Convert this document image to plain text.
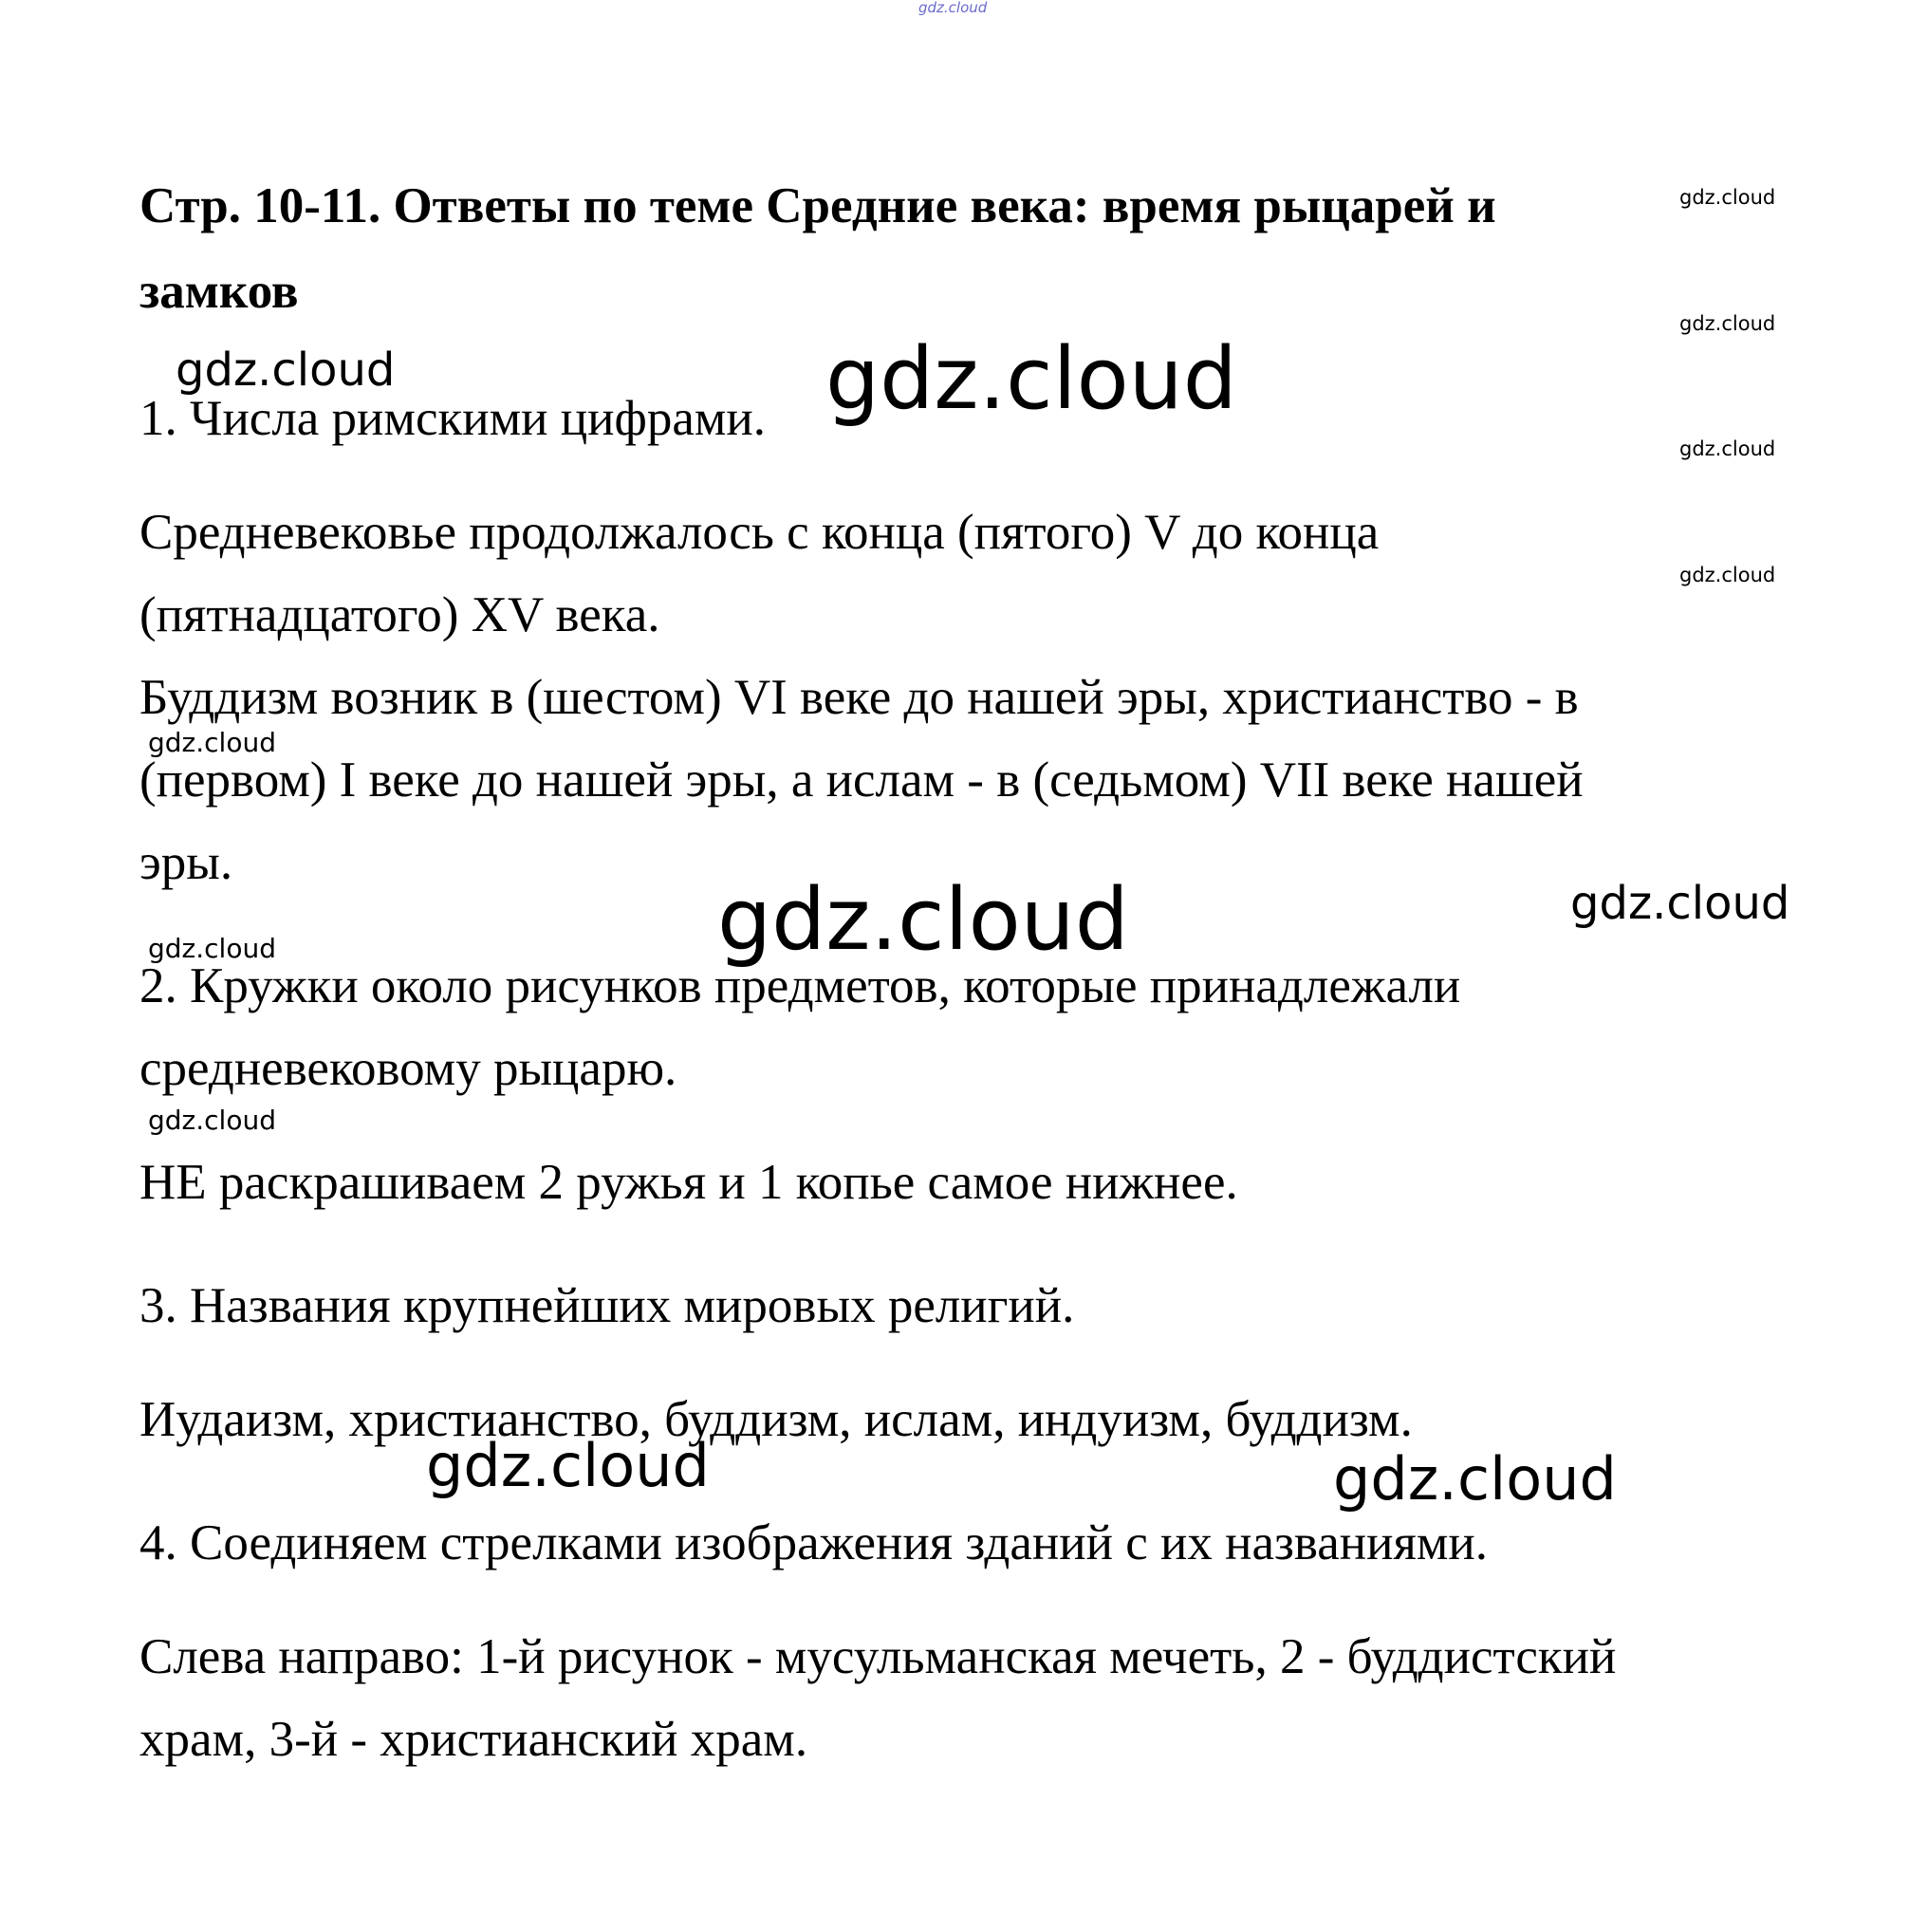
gdz.cloud
Стр. 10-11. Ответы по теме Средние века: время рыцарей и
замков

1. Числа римскими цифрами.

Средневековье продолжалось с конца (пятого) V до конца

(пятнадцатого) XV века.

Буддизм возник в (шестом) VI веке до нашей эры, христианство - в

(первом) I веке до нашей эры, а ислам - в (седьмом) VII веке нашей

эры.

2. Кружки около рисунков предметов, которые принадлежали

средневековому рыцарю.

НЕ раскрашиваем 2 ружья и 1 копье самое нижнее.

3. Названия крупнейших мировых религий.

Иудаизм, христианство, буддизм, ислам, индуизм, буддизм.

4. Соединяем стрелками изображения зданий с их названиями.

Слева направо: 1-й рисунок - мусульманская мечеть, 2 - буддистский

храм, 3-й - христианский храм.

gdz.cloud
gdz.cloud
gdz.cloud
gdz.cloud
gdz.cloud	gdz.cloud
gdz.cloud
gdz.cloud	gdz.cloud
gdz.cloud
gdz.cloud
gdz.cloud	gdz.cloud
